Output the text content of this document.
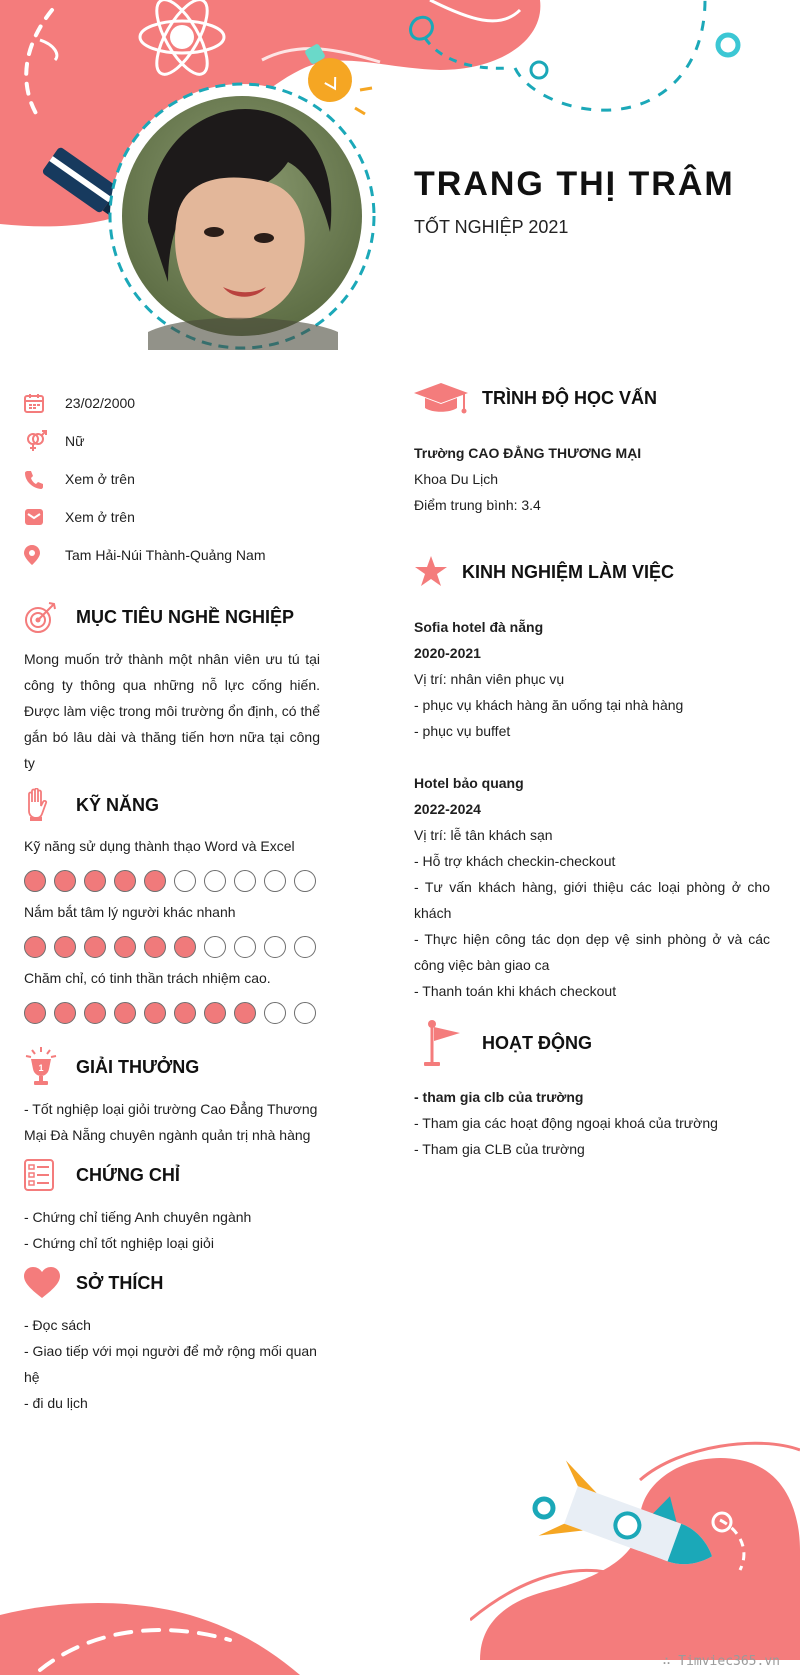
TRANG THỊ TRÂM
TỐT NGHIỆP 2021
23/02/2000
Nữ
Xem ở trên
Xem ở trên
Tam Hải-Núi Thành-Quảng Nam
MỤC TIÊU NGHỀ NGHIỆP

Mong muốn trở thành một nhân viên ưu tú tại công ty thông qua những nỗ lực cống hiến. Được làm việc trong môi trường ổn định, có thể gắn bó lâu dài và thăng tiến hơn nữa tại công ty

KỸ NĂNG
Kỹ năng sử dụng thành thạo Word và Excel
Nắm bắt tâm lý người khác nhanh
Chăm chỉ, có tinh thần trách nhiệm cao.
1 GIẢI THƯỞNG

- Tốt nghiệp loại giỏi trường Cao Đẳng Thương Mại Đà Nẵng chuyên ngành quản trị nhà hàng

CHỨNG CHỈ

- Chứng chỉ tiếng Anh chuyên ngành

- Chứng chỉ tốt nghiệp loại giỏi

SỞ THÍCH

- Đọc sách

- Giao tiếp với mọi người để mở rộng mối quan hệ

- đi du lịch

TRÌNH ĐỘ HỌC VẤN
Trường CAO ĐẲNG THƯƠNG MẠI
Khoa Du Lịch
Điểm trung bình: 3.4
KINH NGHIỆM LÀM VIỆC
Sofia hotel đà nẵng
2020-2021
Vị trí: nhân viên phục vụ
- phục vụ khách hàng ăn uống tại nhà hàng
- phục vụ buffet
Hotel bảo quang
2022-2024
Vị trí: lễ tân khách sạn
- Hỗ trợ khách checkin-checkout
- Tư vấn khách hàng, giới thiệu các loại phòng ở cho khách
- Thực hiện công tác dọn dẹp vệ sinh phòng ở và các công việc bàn giao ca
- Thanh toán khi khách checkout
HOẠT ĐỘNG
- tham gia clb của trường
- Tham gia các hoạt động ngoại khoá của trường
- Tham gia CLB của trường
∴ Timviec365.vn
